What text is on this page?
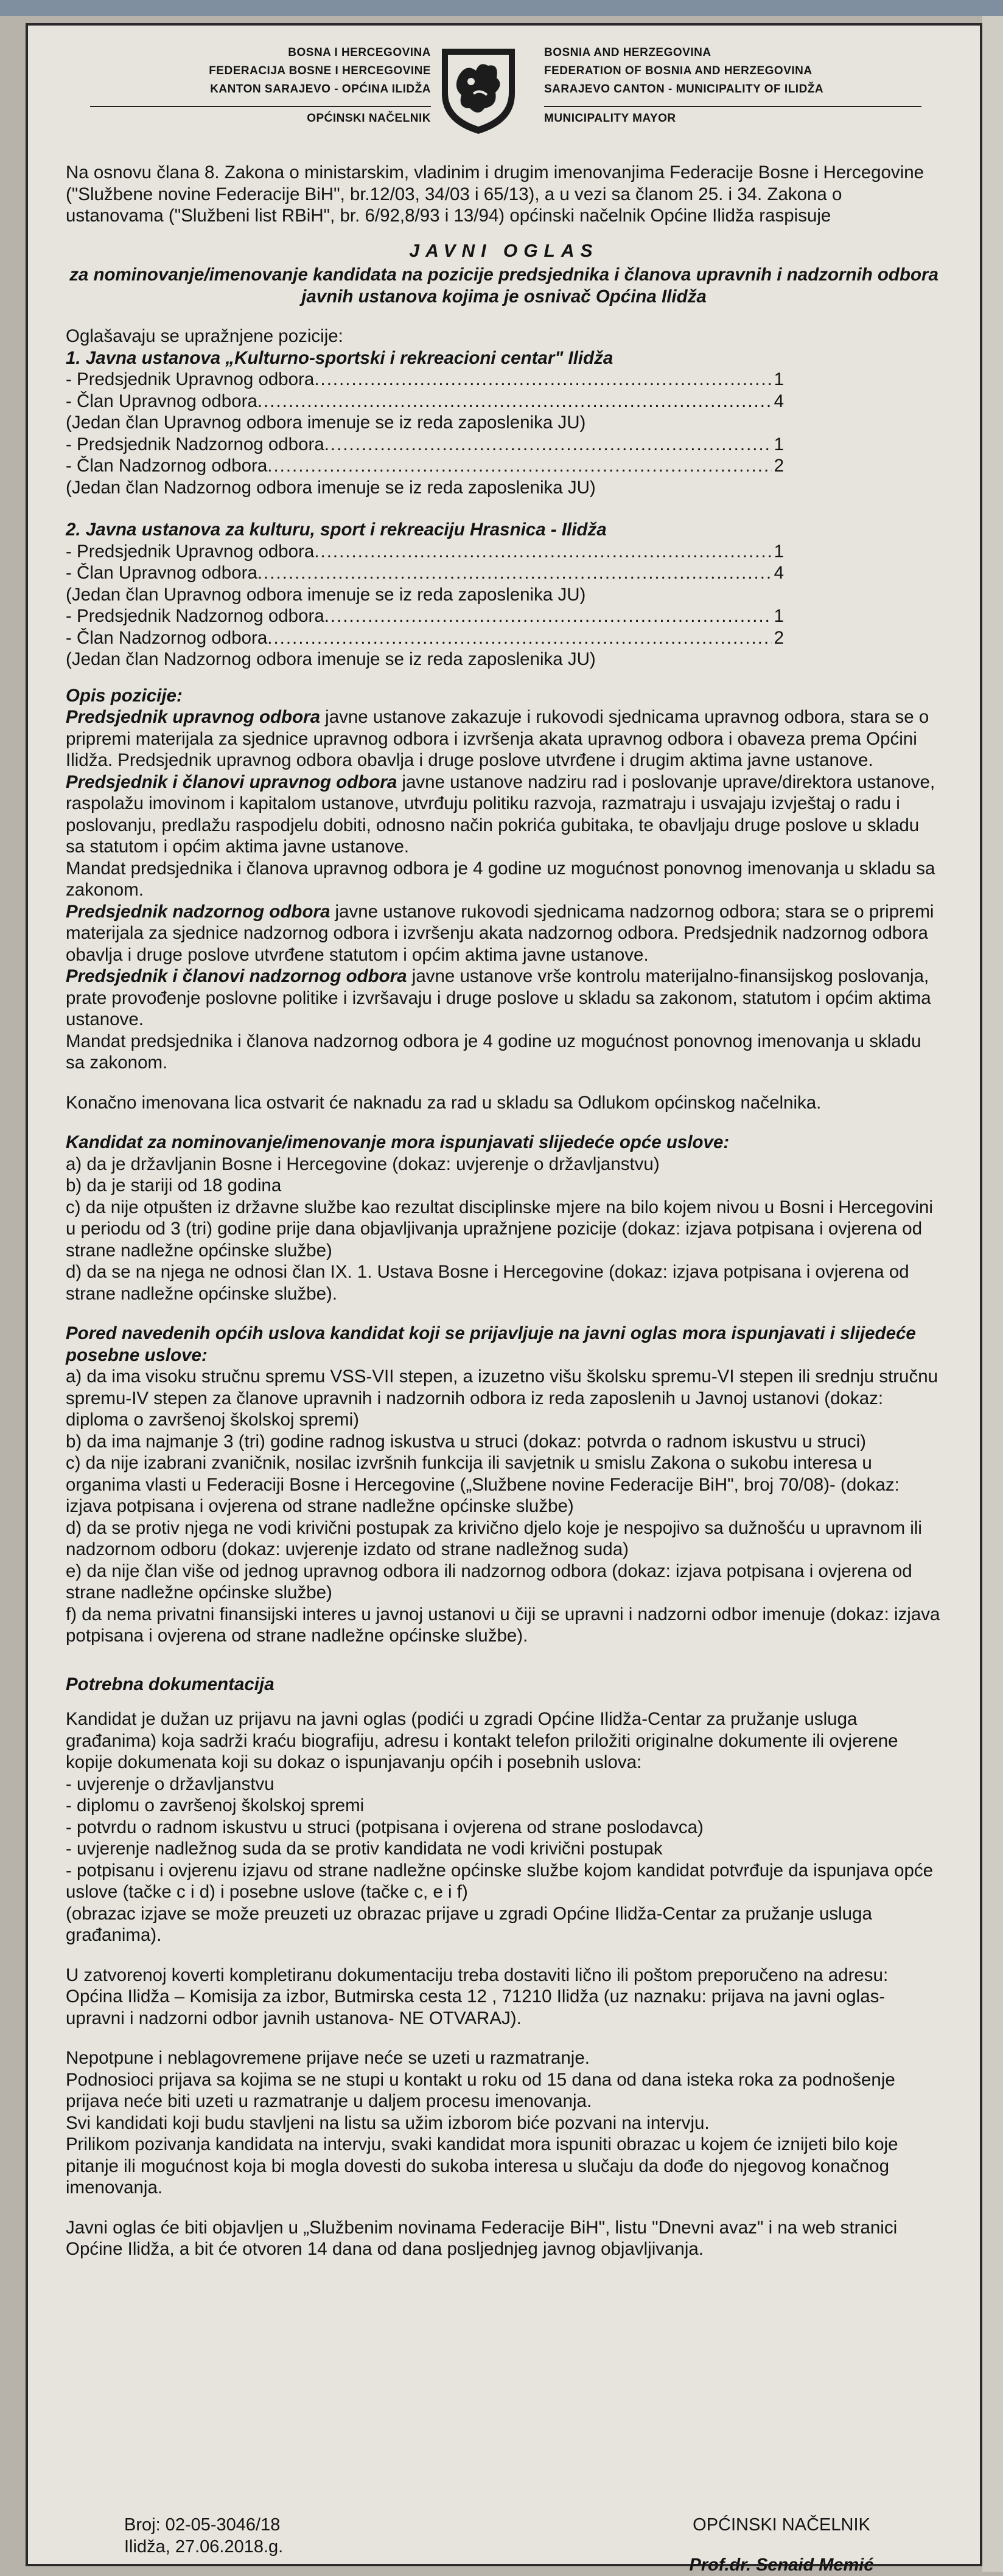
BOSNA I HERCEGOVINA
FEDERACIJA BOSNE I HERCEGOVINE
KANTON SARAJEVO - OPĆINA ILIDŽA
OPĆINSKI NAČELNIK
BOSNIA AND HERZEGOVINA
FEDERATION OF BOSNIA AND HERZEGOVINA
SARAJEVO CANTON - MUNICIPALITY OF ILIDŽA
MUNICIPALITY MAYOR

Na osnovu člana 8. Zakona o ministarskim, vladinim i drugim imenovanjima Federacije Bosne i Hercegovine ("Službene novine Federacije BiH", br.12/03, 34/03 i 65/13), a u vezi sa članom 25. i 34. Zakona o ustanovama ("Službeni list RBiH", br. 6/92,8/93 i 13/94) općinski načelnik Općine Ilidža raspisuje

JAVNI OGLAS

za nominovanje/imenovanje kandidata na pozicije predsjednika i članova upravnih i nadzornih odbora javnih ustanova kojima je osnivač Općina Ilidža

Oglašavaju se upražnjene pozicije:

1. Javna ustanova „Kulturno-sportski i rekreacioni centar" Ilidža

- Predsjednik Upravnog odbora .....	1
- Član Upravnog odbora .....	4

(Jedan član Upravnog odbora imenuje se iz reda zaposlenika JU)

- Predsjednik Nadzornog odbora .....	1
- Član Nadzornog odbora .....	2

(Jedan član Nadzornog odbora imenuje se iz reda zaposlenika JU)

2. Javna ustanova za kulturu, sport i rekreaciju Hrasnica - Ilidža

- Predsjednik Upravnog odbora .....	1
- Član Upravnog odbora .....	4

(Jedan član Upravnog odbora imenuje se iz reda zaposlenika JU)

- Predsjednik Nadzornog odbora .....	1
- Član Nadzornog odbora .....	2

(Jedan član Nadzornog odbora imenuje se iz reda zaposlenika JU)

Opis pozicije:

Predsjednik upravnog odbora javne ustanove zakazuje i rukovodi sjednicama upravnog odbora, stara se o pripremi materijala za sjednice upravnog odbora i izvršenja akata upravnog odbora i obaveza prema Općini Ilidža. Predsjednik upravnog odbora obavlja i druge poslove utvrđene i drugim aktima javne ustanove.

Predsjednik i članovi upravnog odbora javne ustanove nadziru rad i poslovanje uprave/direktora ustanove, raspolažu imovinom i kapitalom ustanove, utvrđuju politiku razvoja, razmatraju i usvajaju izvještaj o radu i poslovanju, predlažu raspodjelu dobiti, odnosno način pokrića gubitaka, te obavljaju druge poslove u skladu sa statutom i općim aktima javne ustanove.

Mandat predsjednika i članova upravnog odbora je 4 godine uz mogućnost ponovnog imenovanja u skladu sa zakonom.

Predsjednik nadzornog odbora javne ustanove rukovodi sjednicama nadzornog odbora; stara se o pripremi materijala za sjednice nadzornog odbora i izvršenju akata nadzornog odbora. Predsjednik nadzornog odbora obavlja i druge poslove utvrđene statutom i općim aktima javne ustanove.

Predsjednik i članovi nadzornog odbora javne ustanove vrše kontrolu materijalno-finansijskog poslovanja, prate provođenje poslovne politike i izvršavaju i druge poslove u skladu sa zakonom, statutom i općim aktima ustanove.

Mandat predsjednika i članova nadzornog odbora je 4 godine uz mogućnost ponovnog imenovanja u skladu sa zakonom.

Konačno imenovana lica ostvarit će naknadu za rad u skladu sa Odlukom općinskog načelnika.

Kandidat za nominovanje/imenovanje mora ispunjavati slijedeće opće uslove:

a) da je državljanin Bosne i Hercegovine (dokaz: uvjerenje o državljanstvu)

b) da je stariji od 18 godina

c) da nije otpušten iz državne službe kao rezultat disciplinske mjere na bilo kojem nivou u Bosni i Hercegovini u periodu od 3 (tri) godine prije dana objavljivanja upražnjene pozicije (dokaz: izjava potpisana i ovjerena od strane nadležne općinske službe)

d) da se na njega ne odnosi član IX. 1. Ustava Bosne i Hercegovine (dokaz: izjava potpisana i ovjerena od strane nadležne općinske službe).

Pored navedenih općih uslova kandidat koji se prijavljuje na javni oglas mora ispunjavati i slijedeće posebne uslove:

a) da ima visoku stručnu spremu VSS-VII stepen, a izuzetno višu školsku spremu-VI stepen ili srednju stručnu spremu-IV stepen za članove upravnih i nadzornih odbora iz reda zaposlenih u Javnoj ustanovi (dokaz: diploma o završenoj školskoj spremi)

b) da ima najmanje 3 (tri) godine radnog iskustva u struci (dokaz: potvrda o radnom iskustvu u struci)

c) da nije izabrani zvaničnik, nosilac izvršnih funkcija ili savjetnik u smislu Zakona o sukobu interesa u organima vlasti u Federaciji Bosne i Hercegovine („Službene novine Federacije BiH", broj 70/08)- (dokaz: izjava potpisana i ovjerena od strane nadležne općinske službe)

d) da se protiv njega ne vodi krivični postupak za krivično djelo koje je nespojivo sa dužnošću u upravnom ili nadzornom odboru (dokaz: uvjerenje izdato od strane nadležnog suda)

e) da nije član više od jednog upravnog odbora ili nadzornog odbora (dokaz: izjava potpisana i ovjerena od strane nadležne općinske službe)

f) da nema privatni finansijski interes u javnoj ustanovi u čiji se upravni i nadzorni odbor imenuje (dokaz: izjava potpisana i ovjerena od strane nadležne općinske službe).

Potrebna dokumentacija

Kandidat je dužan uz prijavu na javni oglas (podići u zgradi Općine Ilidža-Centar za pružanje usluga građanima) koja sadrži kraću biografiju, adresu i kontakt telefon priložiti originalne dokumente ili ovjerene kopije dokumenata koji su dokaz o ispunjavanju općih i posebnih uslova:

- uvjerenje o državljanstvu

- diplomu o završenoj školskoj spremi

- potvrdu o radnom iskustvu u struci (potpisana i ovjerena od strane poslodavca)

- uvjerenje nadležnog suda da se protiv kandidata ne vodi krivični postupak

- potpisanu i ovjerenu izjavu od strane nadležne općinske službe kojom kandidat potvrđuje da ispunjava opće uslove (tačke c i d) i posebne uslove (tačke c, e i f)

(obrazac izjave se može preuzeti uz obrazac prijave u zgradi Općine Ilidža-Centar za pružanje usluga građanima).

U zatvorenoj koverti kompletiranu dokumentaciju treba dostaviti lično ili poštom preporučeno na adresu: Općina Ilidža – Komisija za izbor, Butmirska cesta 12 , 71210 Ilidža (uz naznaku: prijava na javni oglas-upravni i nadzorni odbor javnih ustanova- NE OTVARAJ).

Nepotpune i neblagovremene prijave neće se uzeti u razmatranje.

Podnosioci prijava sa kojima se ne stupi u kontakt u roku od 15 dana od dana isteka roka za podnošenje prijava neće biti uzeti u razmatranje u daljem procesu imenovanja.

Svi kandidati koji budu stavljeni na listu sa užim izborom biće pozvani na intervju.

Prilikom pozivanja kandidata na intervju, svaki kandidat mora ispuniti obrazac u kojem će iznijeti bilo koje pitanje ili mogućnost koja bi mogla dovesti do sukoba interesa u slučaju da dođe do njegovog konačnog imenovanja.

Javni oglas će biti objavljen u „Službenim novinama Federacije BiH", listu "Dnevni avaz" i na web stranici Općine Ilidža, a bit će otvoren 14 dana od dana posljednjeg javnog objavljivanja.

Broj: 02-05-3046/18
Ilidža, 27.06.2018.g.
OPĆINSKI NAČELNIK
Prof.dr. Senaid Memić
